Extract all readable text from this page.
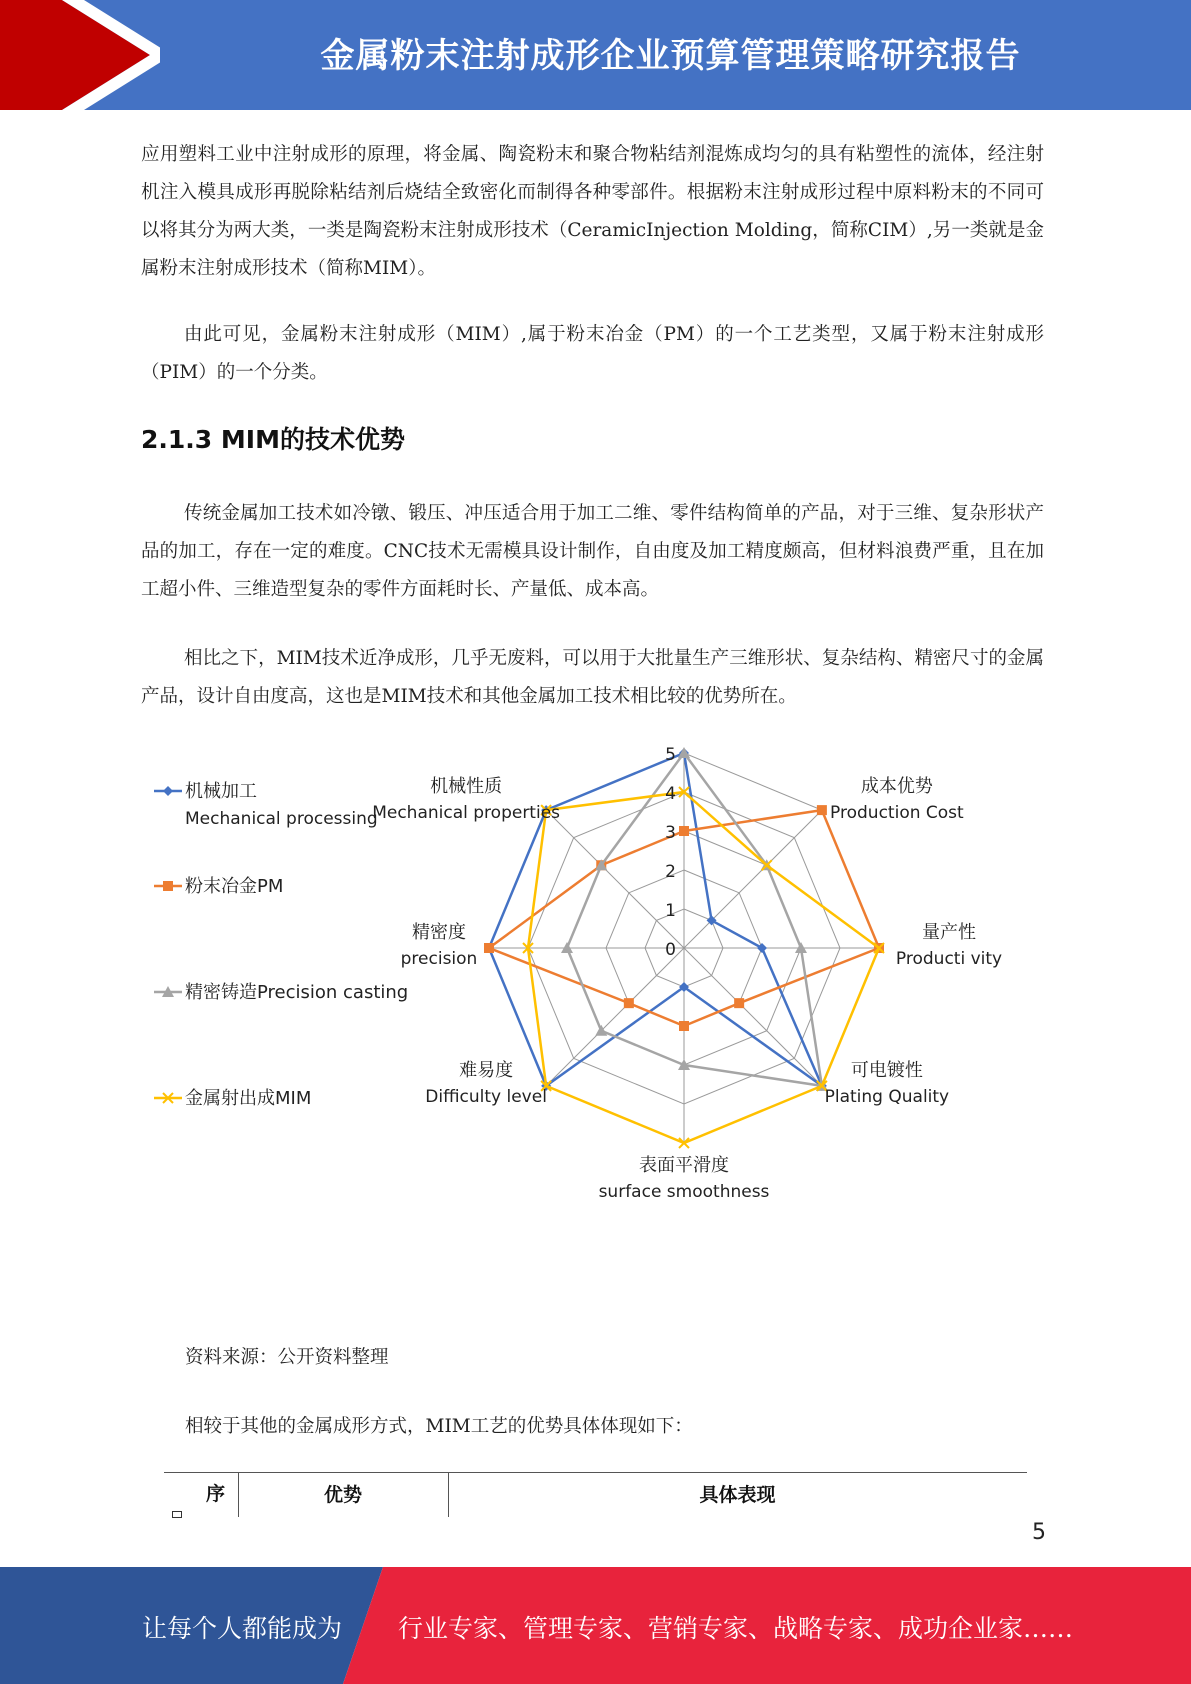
金属粉末注射成形企业预算管理策略研究报告

应用塑料工业中注射成形的原理，将金属、陶瓷粉末和聚合物粘结剂混炼成均匀的具有粘塑性的流体，经注射机注入模具成形再脱除粘结剂后烧结全致密化而制得各种零部件。根据粉末注射成形过程中原料粉末的不同可以将其分为两大类，一类是陶瓷粉末注射成形技术（CeramicInjection Molding，简称CIM）,另一类就是金属粉末注射成形技术（简称MIM）。

由此可见，金属粉末注射成形（MIM）,属于粉末冶金（PM）的一个工艺类型，又属于粉末注射成形（PIM）的一个分类。

2.1.3 MIM的技术优势

传统金属加工技术如冷镦、锻压、冲压适合用于加工二维、零件结构简单的产品，对于三维、复杂形状产品的加工，存在一定的难度。CNC技术无需模具设计制作，自由度及加工精度颇高，但材料浪费严重，且在加工超小件、三维造型复杂的零件方面耗时长、产量低、成本高。

相比之下，MIM技术近净成形，几乎无废料，可以用于大批量生产三维形状、复杂结构、精密尺寸的金属产品，设计自由度高，这也是MIM技术和其他金属加工技术相比较的优势所在。

0
1
2
3
4
5
成本优势
Production Cost
量产性
Producti vity
可电镀性
Plating Quality
表面平滑度
surface smoothness
难易度
Difficulty level
精密度
precision
机械性质
Mechanical properties
机械加工
Mechanical processing
粉末冶金PM
精密铸造Precision casting
金属射出成MIM
资料来源：公开资料整理
相较于其他的金属成形方式，MIM工艺的优势具体体现如下：
序	优势	具体表现
5
让每个人都能成为 行业专家、管理专家、营销专家、战略专家、成功企业家……
